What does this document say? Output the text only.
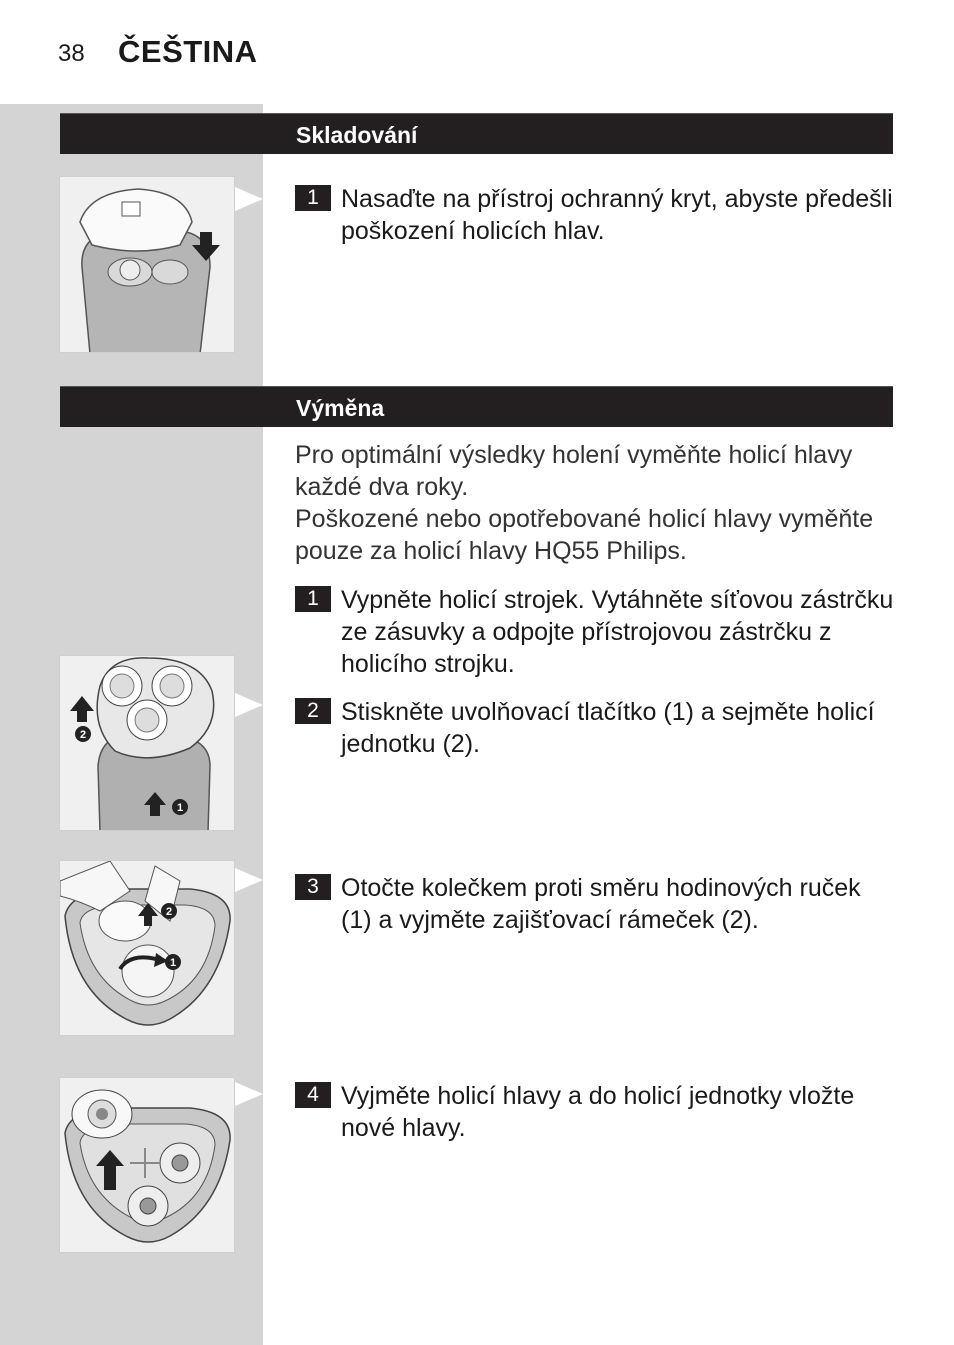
38 ČEŠTINA
Skladování
1 Nasaďte na přístroj ochranný kryt, abyste předešli poškození holicích hlav.
Výměna

Pro optimální výsledky holení vyměňte holicí hlavy každé dva roky.

Poškozené nebo opotřebované holicí hlavy vyměňte pouze za holicí hlavy HQ55 Philips.

1 Vypněte holicí strojek. Vytáhněte síťovou zástrčku ze zásuvky a odpojte přístrojovou zástrčku z holicího strojku.
2
1
2 Stiskněte uvolňovací tlačítko (1) a sejměte holicí jednotku (2).
2
1
3 Otočte kolečkem proti směru hodinových ruček (1) a vyjměte zajišťovací rámeček (2).
4 Vyjměte holicí hlavy a do holicí jednotky vložte nové hlavy.
